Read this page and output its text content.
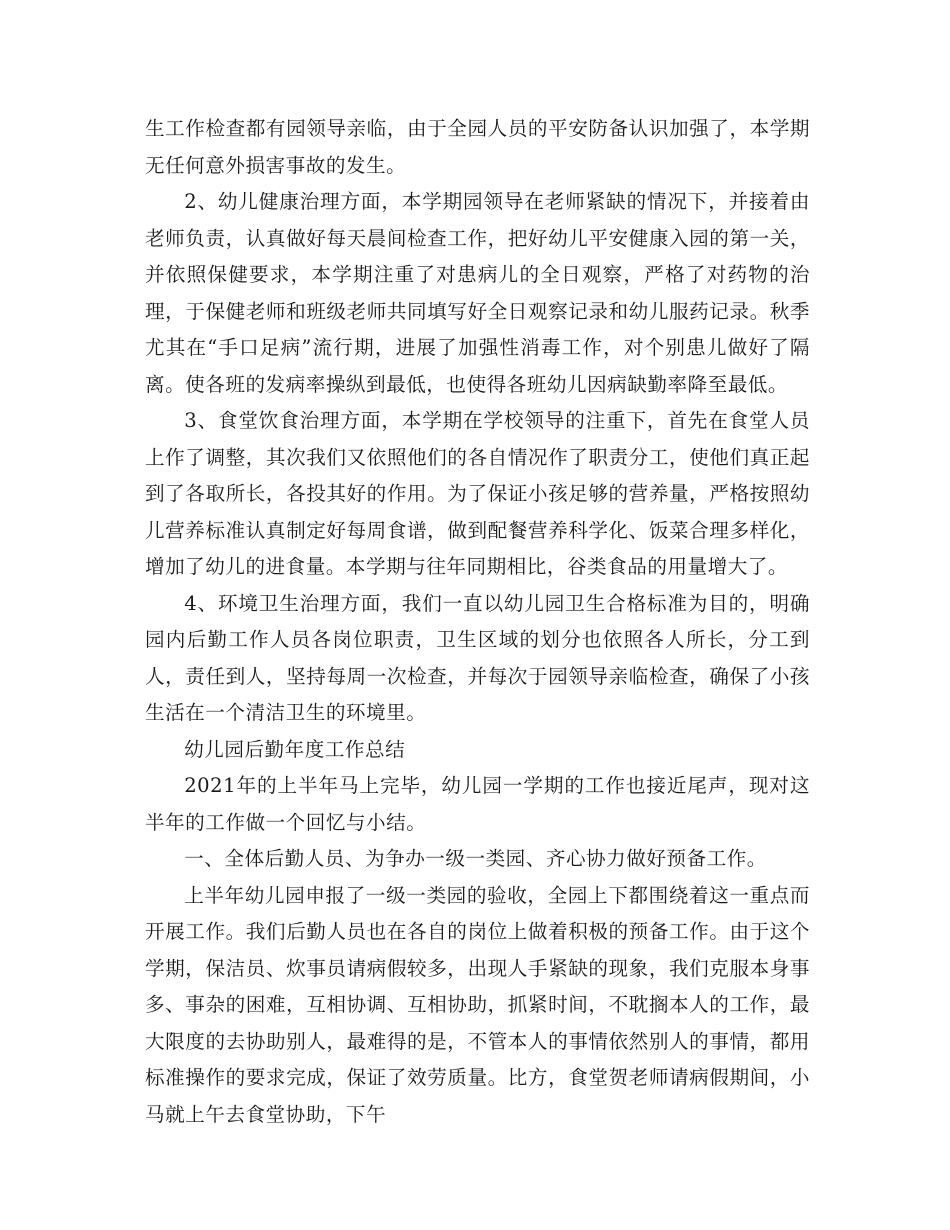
生工作检查都有园领导亲临，由于全园人员的平安防备认识加强了，本学期无任何意外损害事故的发生。

2、幼儿健康治理方面，本学期园领导在老师紧缺的情况下，并接着由老师负责，认真做好每天晨间检查工作，把好幼儿平安健康入园的第一关，并依照保健要求，本学期注重了对患病儿的全日观察，严格了对药物的治理，于保健老师和班级老师共同填写好全日观察记录和幼儿服药记录。秋季尤其在“手口足病”流行期，进展了加强性消毒工作，对个别患儿做好了隔离。使各班的发病率操纵到最低，也使得各班幼儿因病缺勤率降至最低。

3、食堂饮食治理方面，本学期在学校领导的注重下，首先在食堂人员上作了调整，其次我们又依照他们的各自情况作了职责分工，使他们真正起到了各取所长，各投其好的作用。为了保证小孩足够的营养量，严格按照幼儿营养标准认真制定好每周食谱，做到配餐营养科学化、饭菜合理多样化，增加了幼儿的进食量。本学期与往年同期相比，谷类食品的用量增大了。

4、环境卫生治理方面，我们一直以幼儿园卫生合格标准为目的，明确园内后勤工作人员各岗位职责，卫生区域的划分也依照各人所长，分工到人，责任到人，坚持每周一次检查，并每次于园领导亲临检查，确保了小孩生活在一个清洁卫生的环境里。

幼儿园后勤年度工作总结

2021年的上半年马上完毕，幼儿园一学期的工作也接近尾声，现对这半年的工作做一个回忆与小结。

一、全体后勤人员、为争办一级一类园、齐心协力做好预备工作。

上半年幼儿园申报了一级一类园的验收，全园上下都围绕着这一重点而开展工作。我们后勤人员也在各自的岗位上做着积极的预备工作。由于这个学期，保洁员、炊事员请病假较多，出现人手紧缺的现象，我们克服本身事多、事杂的困难，互相协调、互相协助，抓紧时间，不耽搁本人的工作，最大限度的去协助别人，最难得的是，不管本人的事情依然别人的事情，都用标准操作的要求完成，保证了效劳质量。比方，食堂贺老师请病假期间，小马就上午去食堂协助，下午
